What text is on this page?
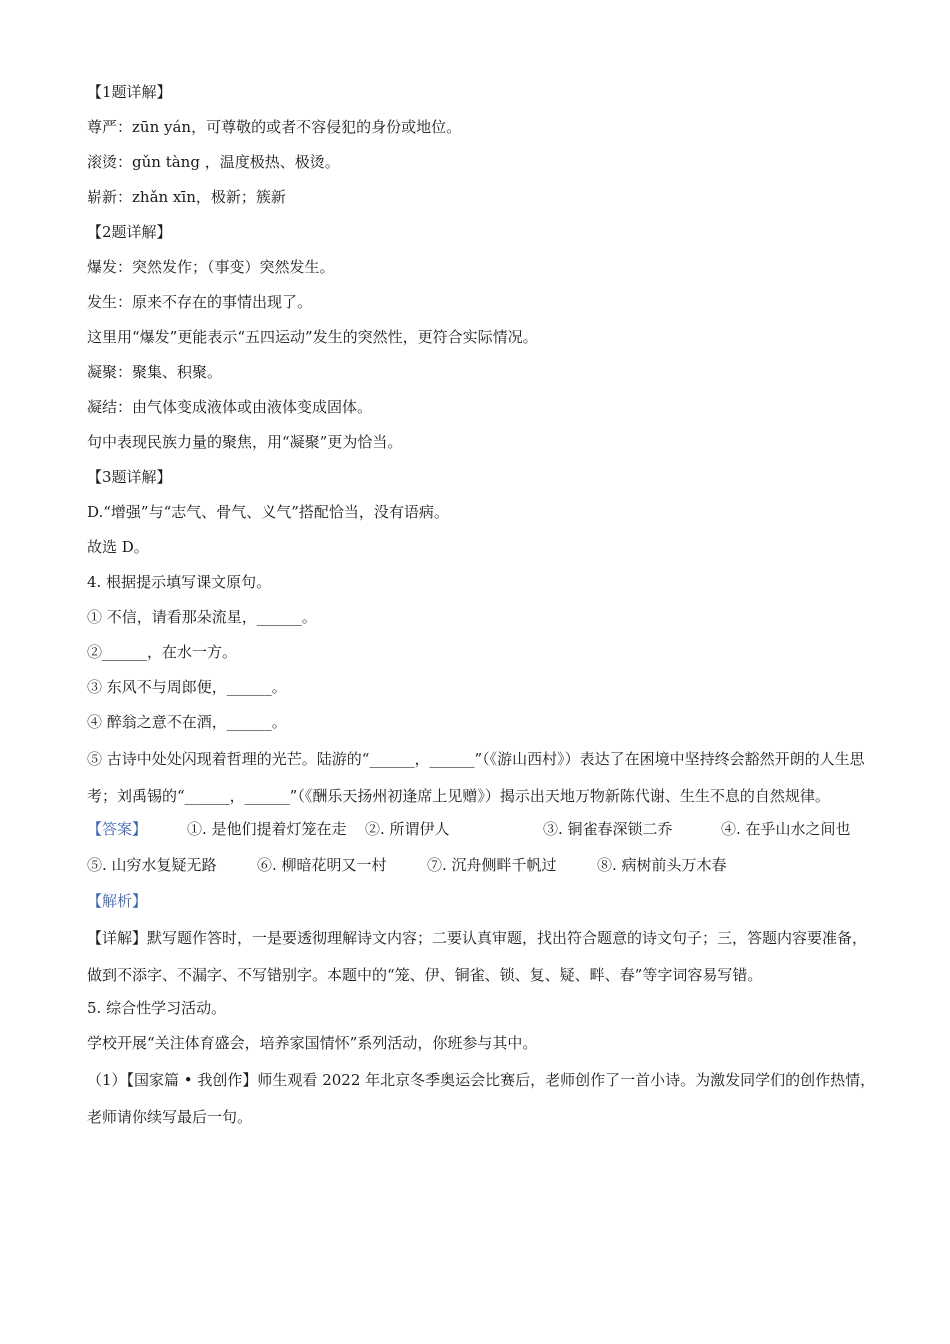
【1题详解】
尊严：zūn yán，可尊敬的或者不容侵犯的身份或地位。
滚烫：gǔn tàng ，温度极热、极烫。
崭新：zhǎn xīn，极新；簇新
【2题详解】
爆发：突然发作；（事变）突然发生。
发生：原来不存在的事情出现了。
这里用“爆发”更能表示“五四运动”发生的突然性，更符合实际情况。
凝聚：聚集、积聚。
凝结：由气体变成液体或由液体变成固体。
句中表现民族力量的聚焦，用“凝聚”更为恰当。
【3题详解】
D.“增强”与“志气、骨气、义气”搭配恰当，没有语病。
故选 D。
4. 根据提示填写课文原句。
① 不信，请看那朵流星，______。
②______，在水一方。
③ 东风不与周郎便，______。
④ 醉翁之意不在酒，______。
⑤ 古诗中处处闪现着哲理的光芒。陆游的“______，______”（《游山西村》）表达了在困境中坚持终会豁然开朗的人生思考；刘禹锡的“______，______”（《酬乐天扬州初逢席上见赠》）揭示出天地万物新陈代谢、生生不息的自然规律。
【答案】	①. 是他们提着灯笼在走	②. 所谓伊人	③. 铜雀春深锁二乔	④. 在乎山水之间也
⑤. 山穷水复疑无路	⑥. 柳暗花明又一村	⑦. 沉舟侧畔千帆过	⑧. 病树前头万木春
【解析】
【详解】默写题作答时，一是要透彻理解诗文内容；二要认真审题，找出符合题意的诗文句子；三，答题内容要准备，做到不添字、不漏字、不写错别字。本题中的“笼、伊、铜雀、锁、复、疑、畔、春”等字词容易写错。
5. 综合性学习活动。
学校开展“关注体育盛会，培养家国情怀”系列活动，你班参与其中。
（1）【国家篇 • 我创作】师生观看 2022 年北京冬季奥运会比赛后，老师创作了一首小诗。为激发同学们的创作热情，老师请你续写最后一句。
